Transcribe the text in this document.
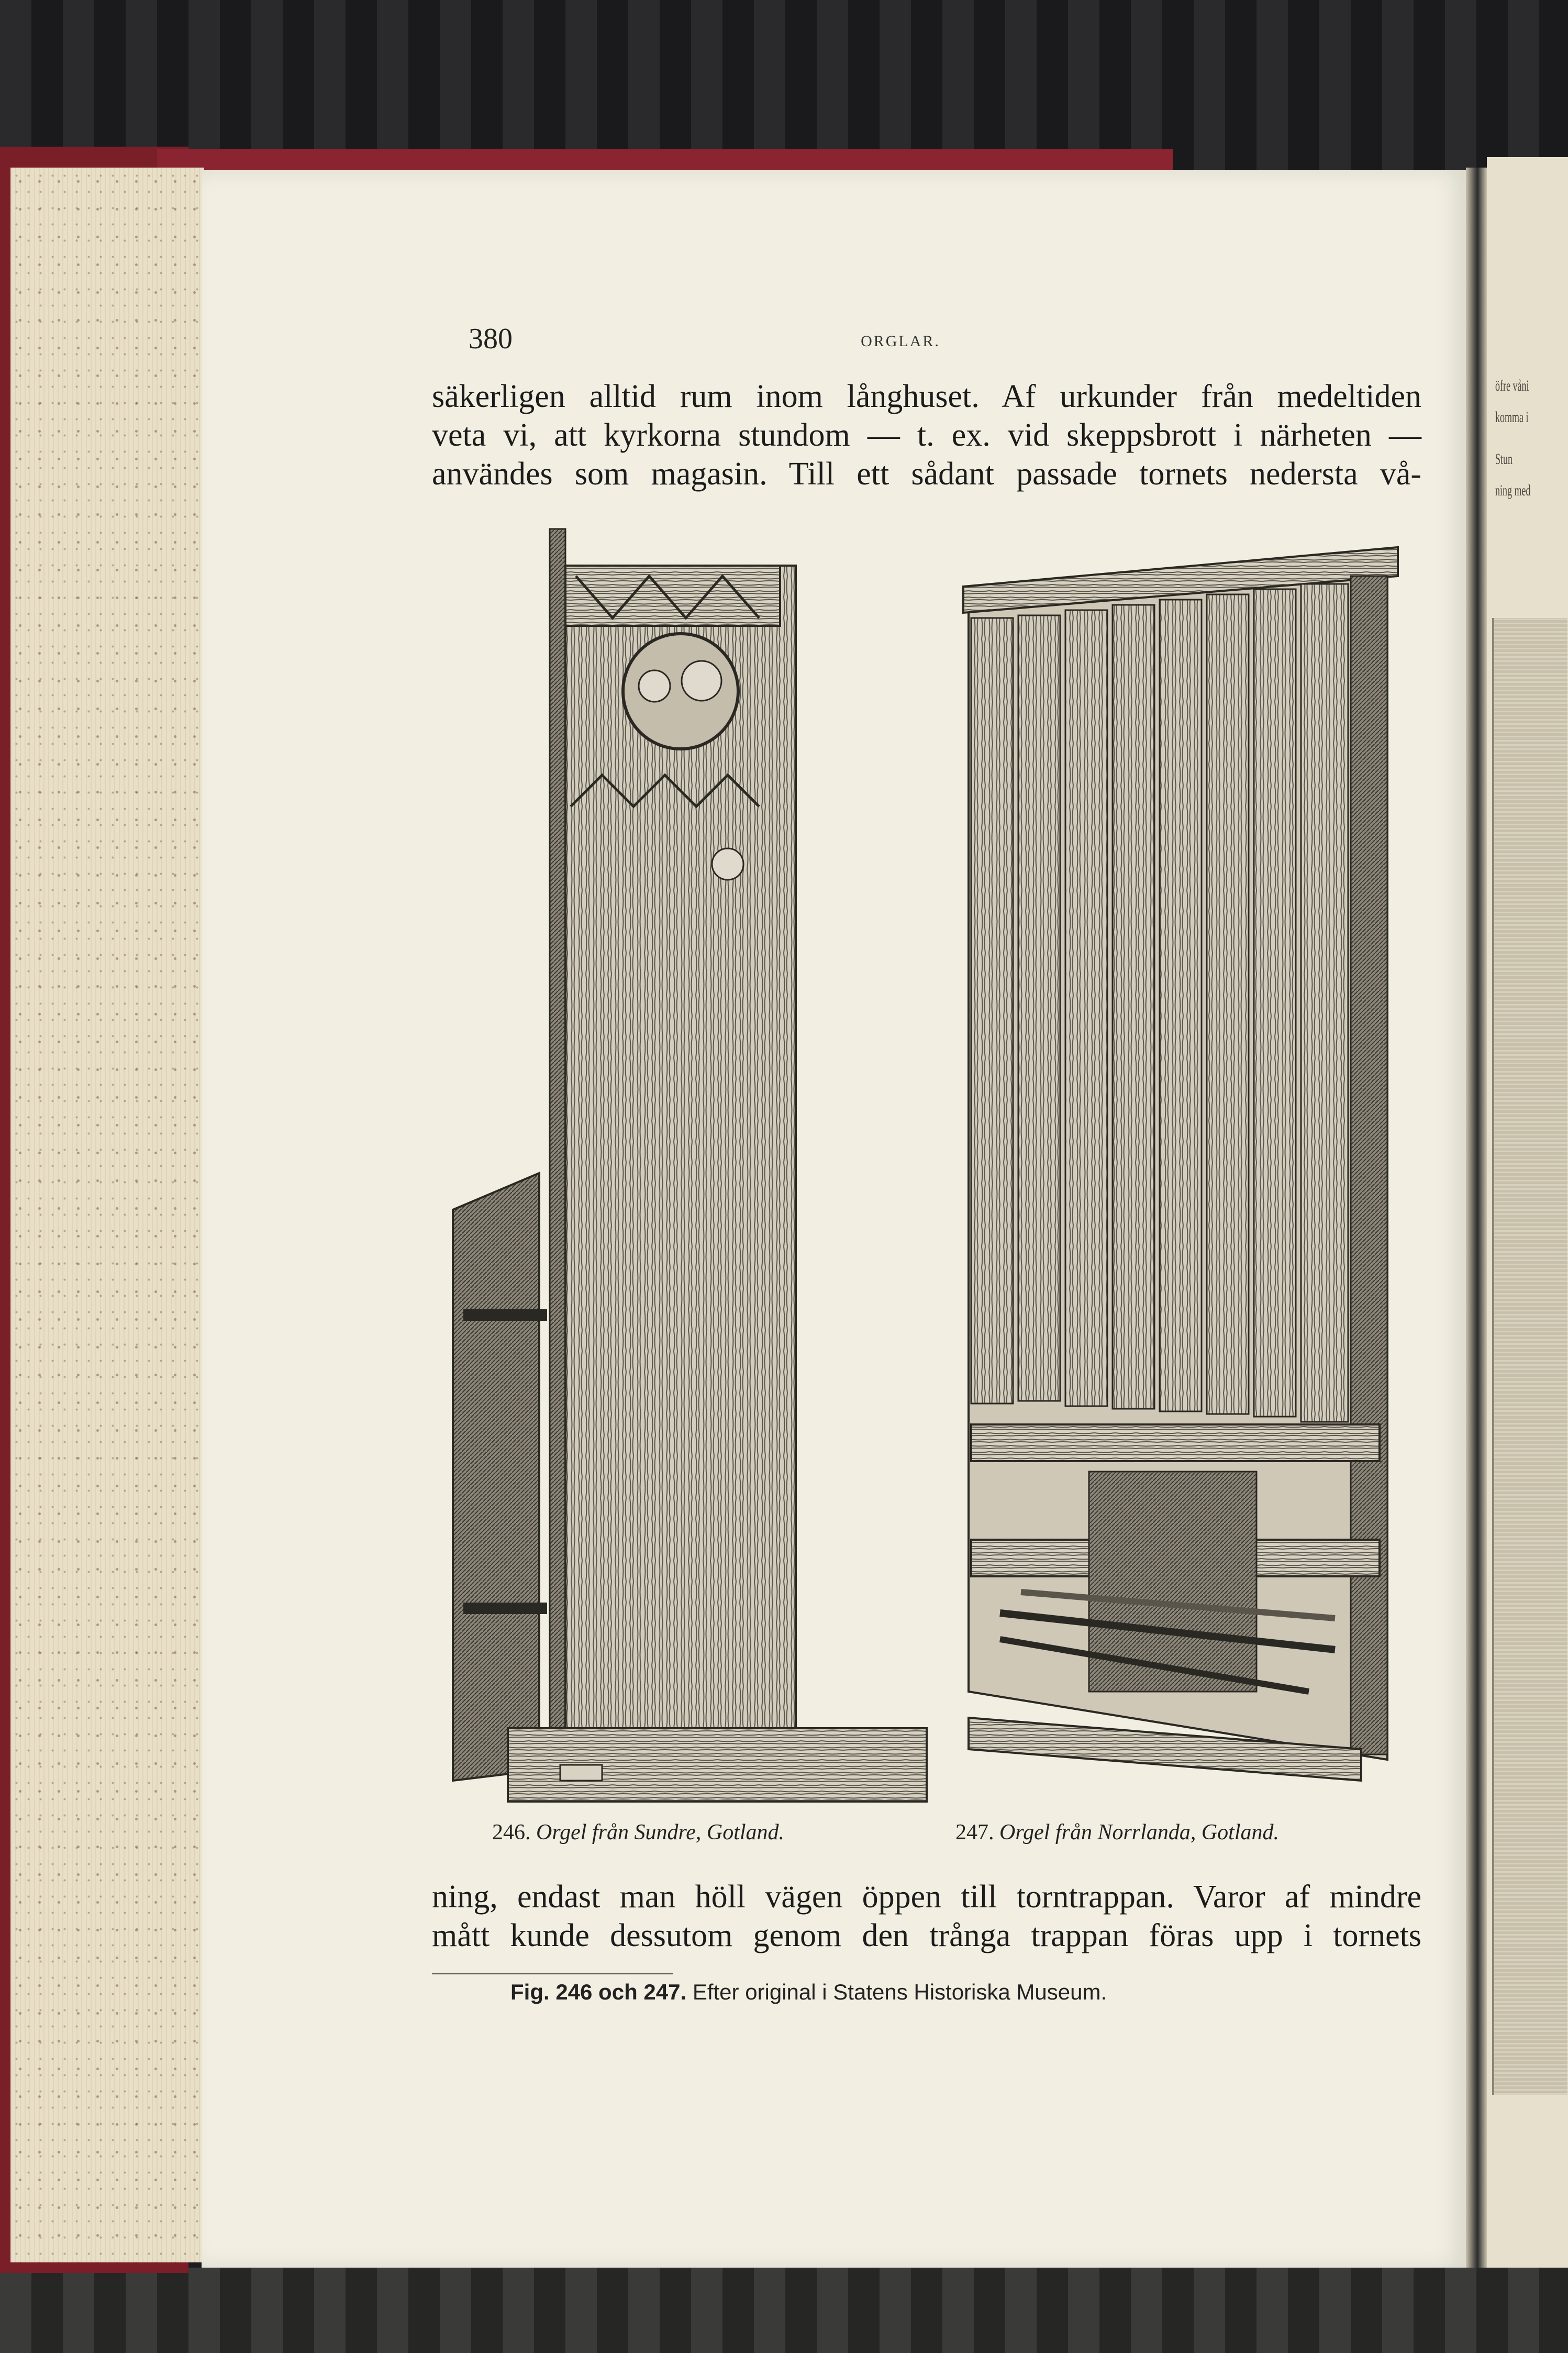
öfre våni
komma i
Stun
ning med
380	ORGLAR.
säkerligen alltid rum inom långhuset. Af urkunder från medeltiden
veta vi, att kyrkorna stundom — t. ex. vid skeppsbrott i närheten —
användes som magasin. Till ett sådant passade tornets nedersta vå-
246. Orgel från Sundre, Gotland.	247. Orgel från Norrlanda, Gotland.
ning, endast man höll vägen öppen till torntrappan. Varor af mindre
mått kunde dessutom genom den trånga trappan föras upp i tornets
Fig. 246 och 247. Efter original i Statens Historiska Museum.
